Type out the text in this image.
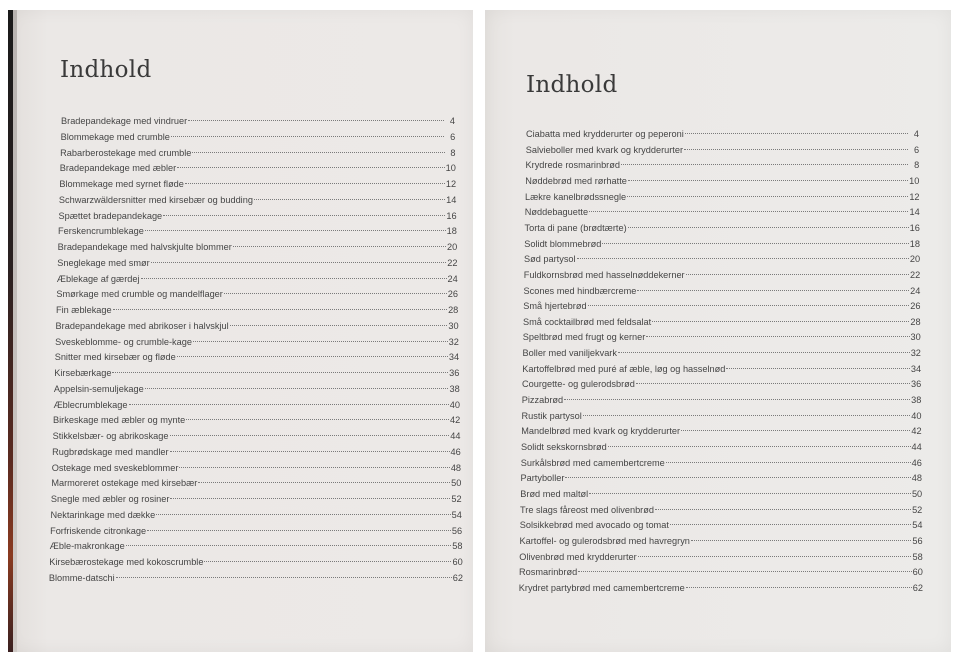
Indhold
Bradepandekage med vindruer	4
Blommekage med crumble	6
Rabarberostekage med crumble	8
Bradepandekage med æbler	10
Blommekage med syrnet fløde	12
Schwarzwäldersnitter med kirsebær og budding	14
Spættet bradepandekage	16
Ferskencrumblekage	18
Bradepandekage med halvskjulte blommer	20
Sneglekage med smør	22
Æblekage af gærdej	24
Smørkage med crumble og mandelflager	26
Fin æblekage	28
Bradepandekage med abrikoser i halvskjul	30
Sveskeblomme- og crumble-kage	32
Snitter med kirsebær og fløde	34
Kirsebærkage	36
Appelsin-semuljekage	38
Æblecrumblekage	40
Birkeskage med æbler og mynte	42
Stikkelsbær- og abrikoskage	44
Rugbrødskage med mandler	46
Ostekage med sveskeblommer	48
Marmoreret ostekage med kirsebær	50
Snegle med æbler og rosiner	52
Nektarinkage med dække	54
Forfriskende citronkage	56
Æble-makronkage	58
Kirsebærostekage med kokoscrumble	60
Blomme-datschi	62
Indhold
Ciabatta med krydderurter og peperoni	4
Salvieboller med kvark og krydderurter	6
Krydrede rosmarinbrød	8
Nøddebrød med rørhatte	10
Lækre kanelbrødssnegle	12
Nøddebaguette	14
Torta di pane (brødtærte)	16
Solidt blommebrød	18
Sød partysol	20
Fuldkornsbrød med hasselnøddekerner	22
Scones med hindbærcreme	24
Små hjertebrød	26
Små cocktailbrød med feldsalat	28
Speltbrød med frugt og kerner	30
Boller med vaniljekvark	32
Kartoffelbrød med puré af æble, løg og hasselnød	34
Courgette- og gulerodsbrød	36
Pizzabrød	38
Rustik partysol	40
Mandelbrød med kvark og krydderurter	42
Solidt sekskornsbrød	44
Surkålsbrød med camembertcreme	46
Partyboller	48
Brød med maltøl	50
Tre slags fåreost med olivenbrød	52
Solsikkebrød med avocado og tomat	54
Kartoffel- og gulerodsbrød med havregryn	56
Olivenbrød med krydderurter	58
Rosmarinbrød	60
Krydret partybrød med camembertcreme	62
